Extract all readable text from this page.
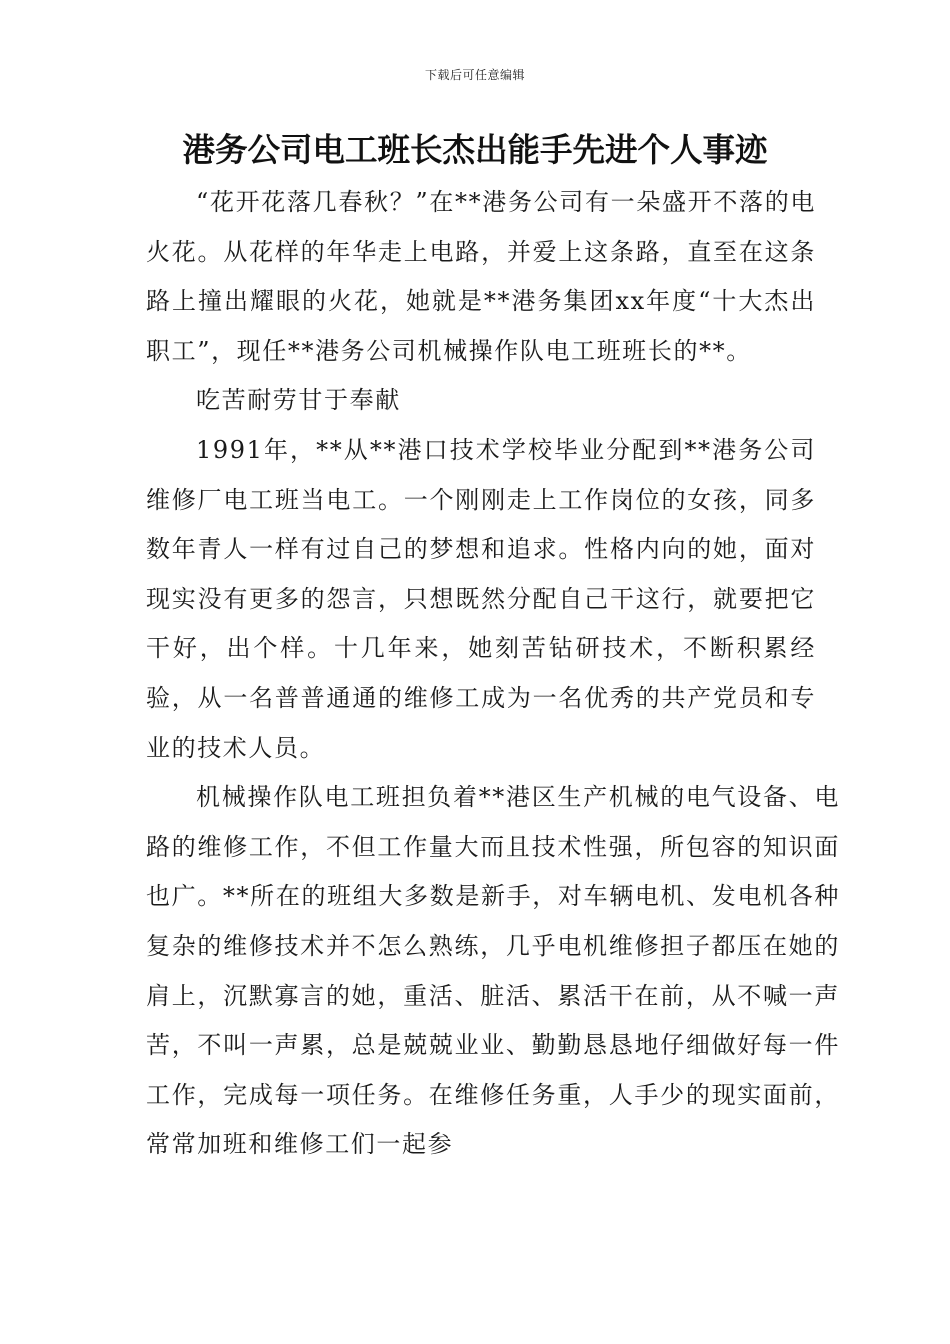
下载后可任意编辑
港务公司电工班长杰出能手先进个人事迹

“花开花落几春秋？”在**港务公司有一朵盛开不落的电火花。从花样的年华走上电路，并爱上这条路，直至在这条路上撞出耀眼的火花，她就是**港务集团xx年度“十大杰出职工”，现任**港务公司机械操作队电工班班长的**。

吃苦耐劳甘于奉献

1991年，**从**港口技术学校毕业分配到**港务公司维修厂电工班当电工。一个刚刚走上工作岗位的女孩，同多数年青人一样有过自己的梦想和追求。性格内向的她，面对现实没有更多的怨言，只想既然分配自己干这行，就要把它干好，出个样。十几年来，她刻苦钻研技术，不断积累经验，从一名普普通通的维修工成为一名优秀的共产党员和专业的技术人员。

机械操作队电工班担负着**港区生产机械的电气设备、电路的维修工作，不但工作量大而且技术性强，所包容的知识面也广。**所在的班组大多数是新手，对车辆电机、发电机各种复杂的维修技术并不怎么熟练，几乎电机维修担子都压在她的肩上，沉默寡言的她，重活、脏活、累活干在前，从不喊一声苦，不叫一声累，总是兢兢业业、勤勤恳恳地仔细做好每一件工作，完成每一项任务。在维修任务重，人手少的现实面前，常常加班和维修工们一起参
